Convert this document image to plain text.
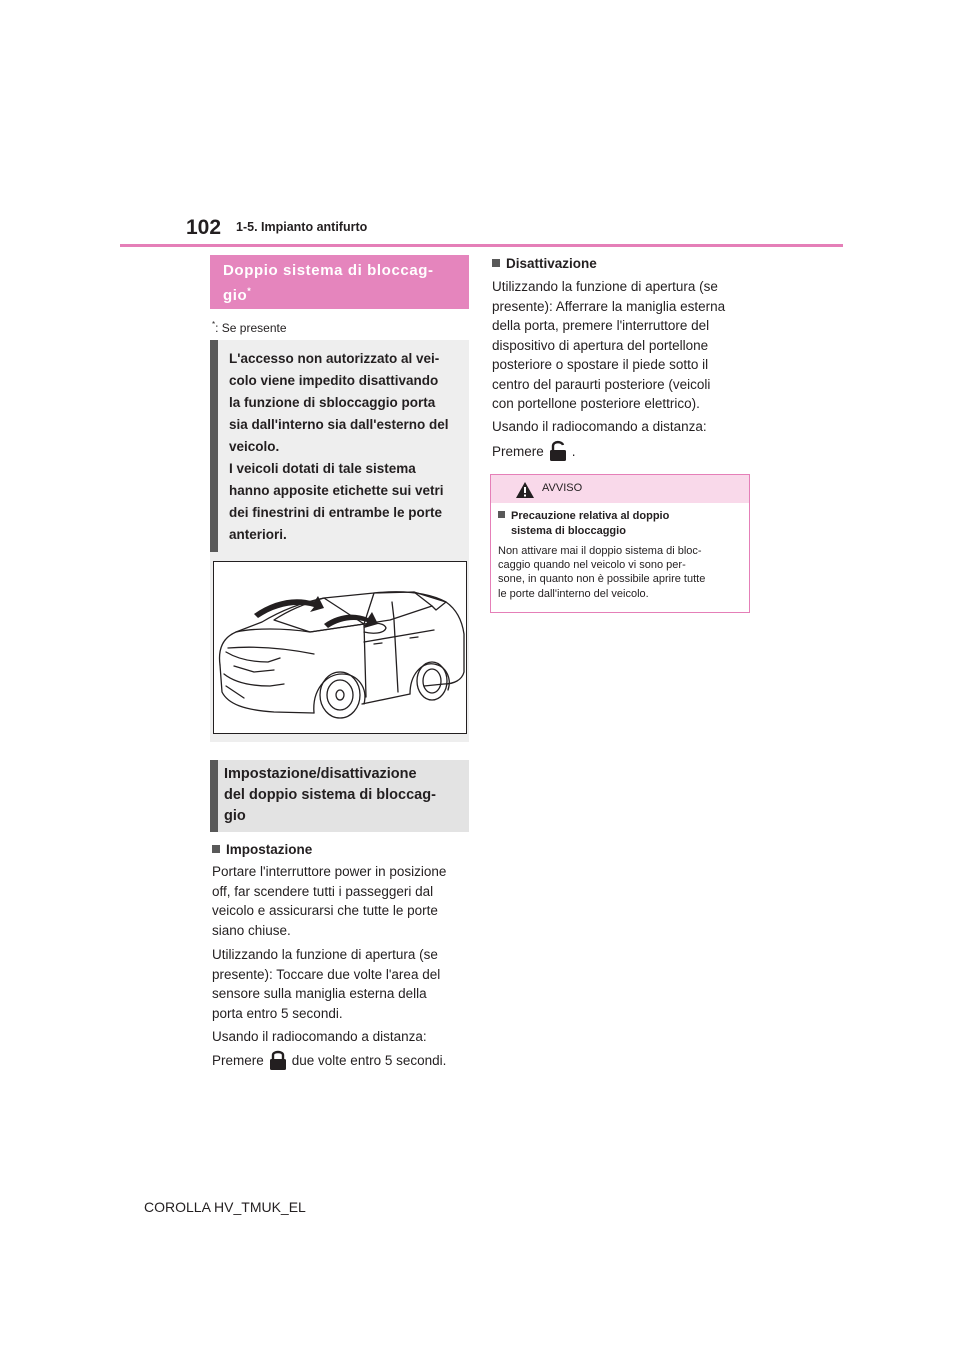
102 1-5. Impianto antifurto
Doppio sistema di bloccag-
gio*
*: Se presente
L'accesso non autorizzato al vei-
colo viene impedito disattivando
la funzione di sbloccaggio porta
sia dall'interno sia dall'esterno del
veicolo.
I veicoli dotati di tale sistema
hanno apposite etichette sui vetri
dei finestrini di entrambe le porte
anteriori.
Impostazione/disattivazione
del doppio sistema di bloccag-
gio
Impostazione
Portare l'interruttore power in posizione
off, far scendere tutti i passeggeri dal
veicolo e assicurarsi che tutte le porte
siano chiuse.
Utilizzando la funzione di apertura (se
presente): Toccare due volte l'area del
sensore sulla maniglia esterna della
porta entro 5 secondi.
Usando il radiocomando a distanza:
Premere due volte entro 5 secondi.
Disattivazione
Utilizzando la funzione di apertura (se
presente): Afferrare la maniglia esterna
della porta, premere l'interruttore del
dispositivo di apertura del portellone
posteriore o spostare il piede sotto il
centro del paraurti posteriore (veicoli
con portellone posteriore elettrico).
Usando il radiocomando a distanza:
Premere .
AVVISO
Precauzione relativa al doppio
sistema di bloccaggio
Non attivare mai il doppio sistema di bloc-
caggio quando nel veicolo vi sono per-
sone, in quanto non è possibile aprire tutte
le porte dall'interno del veicolo.
COROLLA HV_TMUK_EL
